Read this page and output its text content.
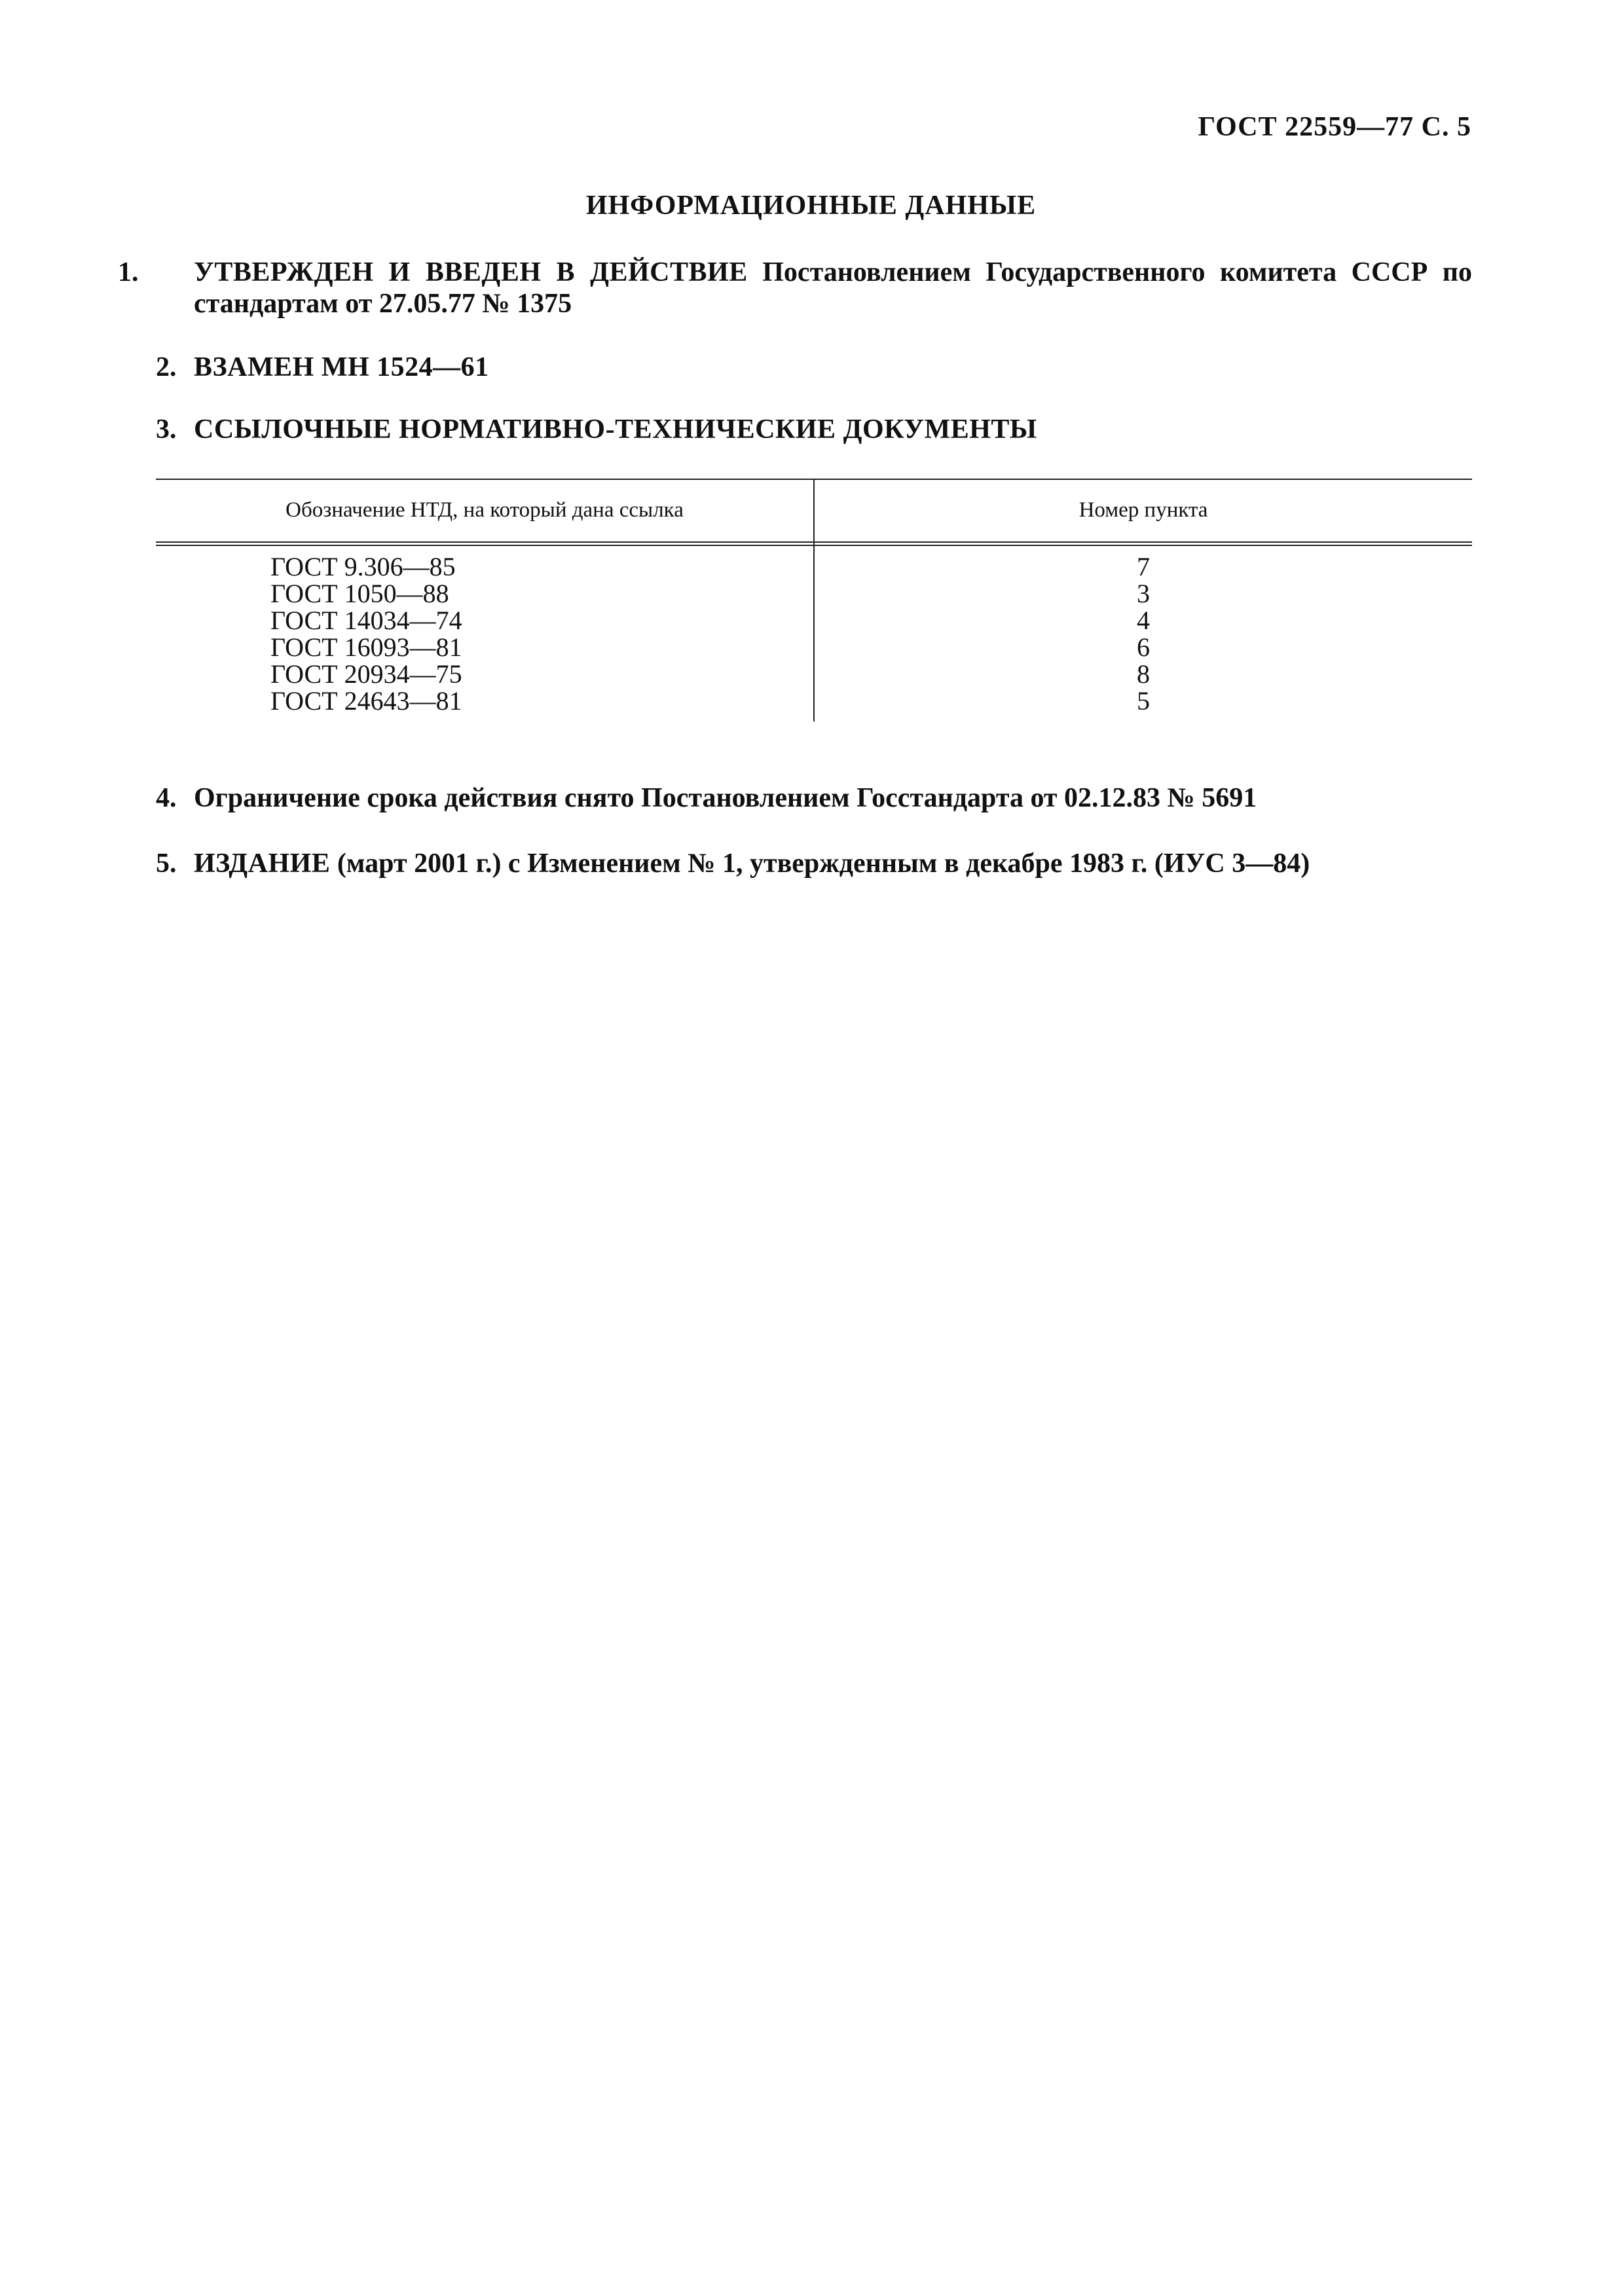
ГОСТ 22559—77 С. 5
ИНФОРМАЦИОННЫЕ ДАННЫЕ
1. УТВЕРЖДЕН И ВВЕДЕН В ДЕЙСТВИЕ Постановлением Государственного комитета СССР по стандартам от 27.05.77 № 1375
2. ВЗАМЕН МН 1524—61
3. ССЫЛОЧНЫЕ НОРМАТИВНО-ТЕХНИЧЕСКИЕ ДОКУМЕНТЫ
Обозначение НТД, на который дана ссылка	Номер пункта
ГОСТ 9.306—85
ГОСТ 1050—88
ГОСТ 14034—74
ГОСТ 16093—81
ГОСТ 20934—75
ГОСТ 24643—81
7
3
4
6
8
5
4. Ограничение срока действия снято Постановлением Госстандарта от 02.12.83 № 5691
5. ИЗДАНИЕ (март 2001 г.) с Изменением № 1, утвержденным в декабре 1983 г. (ИУС 3—84)
